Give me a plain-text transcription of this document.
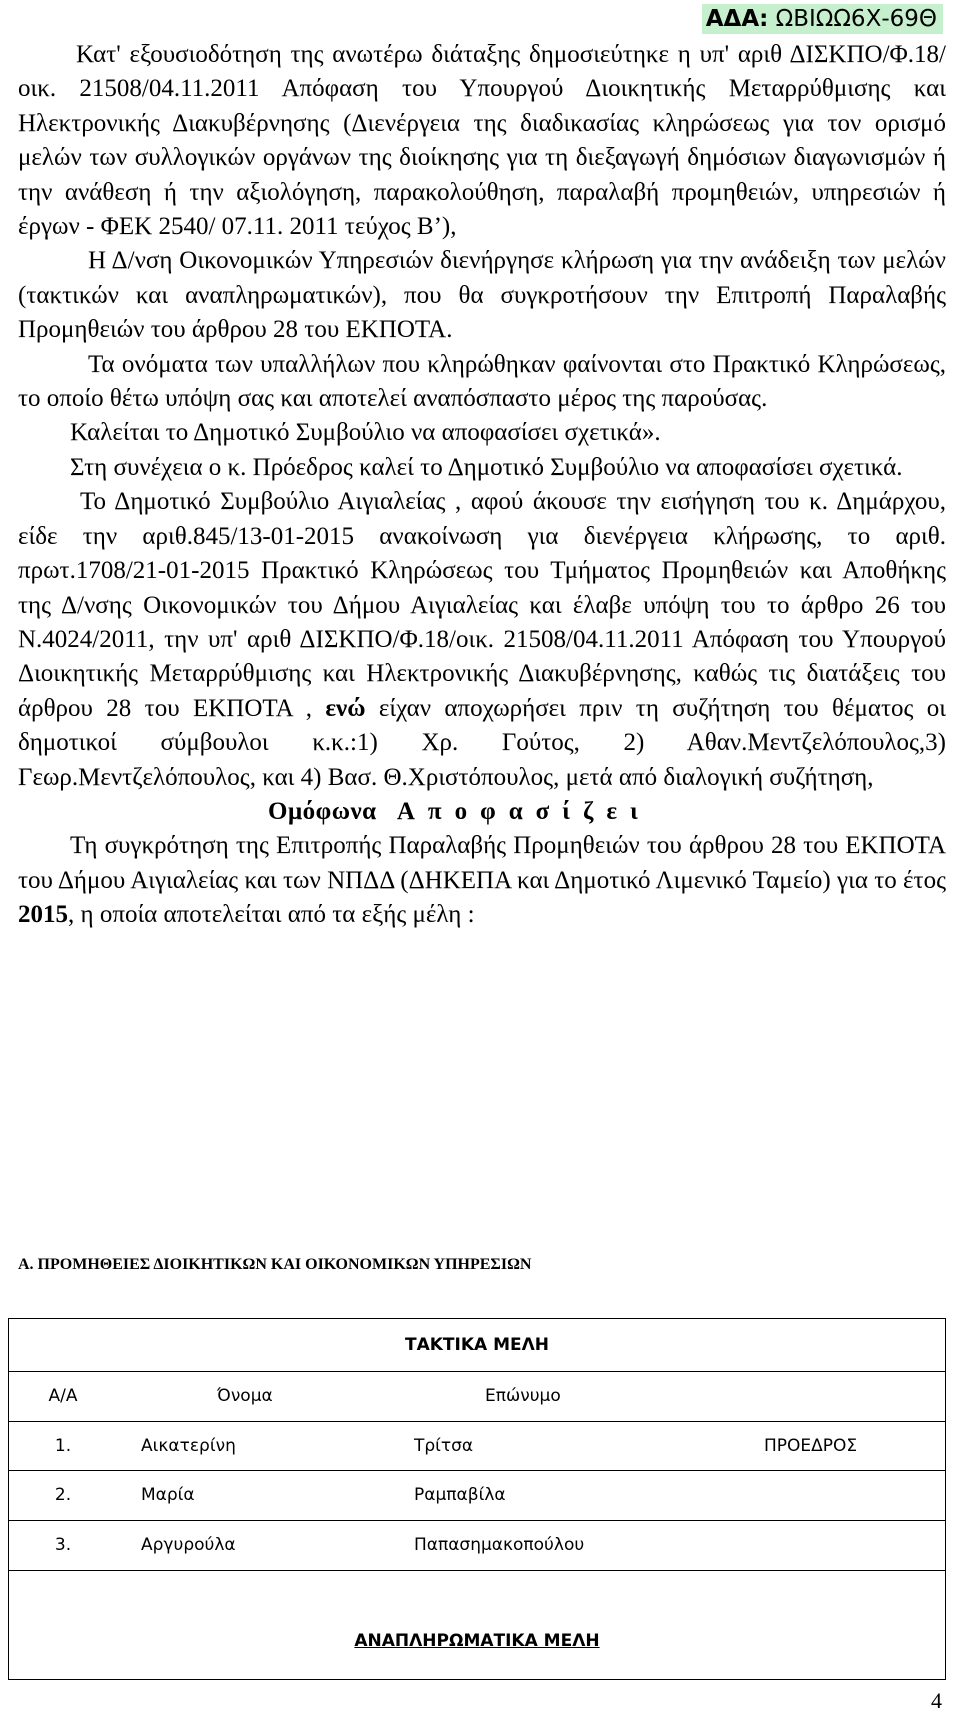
ΑΔΑ: ΩΒΙΩΩ6Χ-69Θ

Κατ' εξουσιοδότηση της ανωτέρω διάταξης δημοσιεύτηκε η υπ' αριθ ΔΙΣΚΠΟ/Φ.18/οικ. 21508/04.11.2011 Απόφαση του Υπουργού Διοικητικής Μεταρρύθμισης και Ηλεκτρονικής Διακυβέρνησης (Διενέργεια της διαδικασίας κληρώσεως για τον ορισμό μελών των συλλογικών οργάνων της διοίκησης για τη διεξαγωγή δημόσιων διαγωνισμών ή την ανάθεση ή την αξιολόγηση, παρακολούθηση, παραλαβή προμηθειών, υπηρεσιών ή έργων - ΦΕΚ 2540/ 07.11. 2011 τεύχος Β’),

Η Δ/νση Οικονομικών Υπηρεσιών διενήργησε κλήρωση για την ανάδειξη των μελών (τακτικών και αναπληρωματικών), που θα συγκροτήσουν την Επιτροπή Παραλαβής Προμηθειών του άρθρου 28 του ΕΚΠΟΤΑ.

Τα ονόματα των υπαλλήλων που κληρώθηκαν φαίνονται στο Πρακτικό Κληρώσεως, το οποίο θέτω υπόψη σας και αποτελεί αναπόσπαστο μέρος της παρούσας.

Καλείται το Δημοτικό Συμβούλιο να αποφασίσει σχετικά».

Στη συνέχεια ο κ. Πρόεδρος καλεί το Δημοτικό Συμβούλιο να αποφασίσει σχετικά.

Το Δημοτικό Συμβούλιο Αιγιαλείας , αφού άκουσε την εισήγηση του κ. Δημάρχου, είδε την αριθ.845/13-01-2015 ανακοίνωση για διενέργεια κλήρωσης, το αριθ. πρωτ.1708/21-01-2015 Πρακτικό Κληρώσεως του Τμήματος Προμηθειών και Αποθήκης της Δ/νσης Οικονομικών του Δήμου Αιγιαλείας και έλαβε υπόψη του το άρθρο 26 του Ν.4024/2011, την υπ' αριθ ΔΙΣΚΠΟ/Φ.18/οικ. 21508/04.11.2011 Απόφαση του Υπουργού Διοικητικής Μεταρρύθμισης και Ηλεκτρονικής Διακυβέρνησης, καθώς τις διατάξεις του άρθρου 28 του ΕΚΠΟΤΑ , ενώ είχαν αποχωρήσει πριν τη συζήτηση του θέματος οι δημοτικοί σύμβουλοι κ.κ.:1) Χρ. Γούτος, 2) Αθαν.Μεντζελόπουλος,3) Γεωρ.Μεντζελόπουλος, και 4) Βασ. Θ.Χριστόπουλος, μετά από διαλογική συζήτηση,

Ομόφωνα Αποφασίζει

Τη συγκρότηση της Επιτροπής Παραλαβής Προμηθειών του άρθρου 28 του ΕΚΠΟΤΑ του Δήμου Αιγιαλείας και των ΝΠΔΔ (ΔΗΚΕΠΑ και Δημοτικό Λιμενικό Ταμείο) για το έτος 2015, η οποία αποτελείται από τα εξής μέλη :

Α. ΠΡΟΜΗΘΕΙΕΣ ΔΙΟΙΚΗΤΙΚΩΝ ΚΑΙ ΟΙΚΟΝΟΜΙΚΩΝ ΥΠΗΡΕΣΙΩΝ
ΤΑΚΤΙΚΑ ΜΕΛΗ
Α/Α	Όνομα	Επώνυμο
1.	Αικατερίνη	Τρίτσα	ΠΡΟΕΔΡΟΣ
2.	Μαρία	Ραμπαβίλα
3.	Αργυρούλα	Παπασημακοπούλου
ΑΝΑΠΛΗΡΩΜΑΤΙΚΑ ΜΕΛΗ
4
